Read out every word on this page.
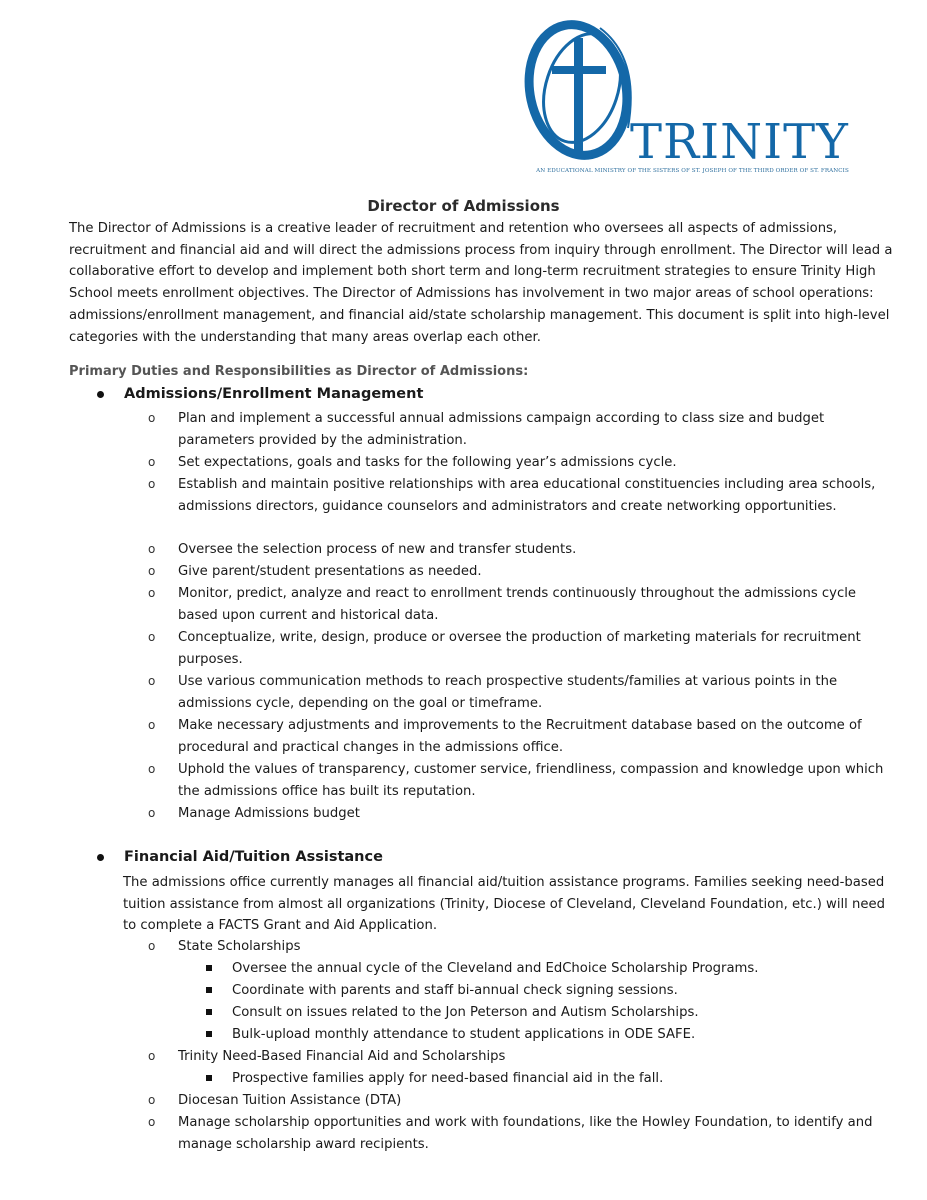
TRINITY
AN EDUCATIONAL MINISTRY OF THE SISTERS OF ST. JOSEPH OF THE THIRD ORDER OF ST. FRANCIS
Director of Admissions

The Director of Admissions is a creative leader of recruitment and retention who oversees all aspects of admissions, recruitment and financial aid and will direct the admissions process from inquiry through enrollment. The Director will lead a collaborative effort to develop and implement both short term and long-term recruitment strategies to ensure Trinity High School meets enrollment objectives. The Director of Admissions has involvement in two major areas of school operations: admissions/enrollment management, and financial aid/state scholarship management. This document is split into high-level categories with the understanding that many areas overlap each other.

Primary Duties and Responsibilities as Director of Admissions:
Admissions/Enrollment Management
o Plan and implement a successful annual admissions campaign according to class size and budget parameters provided by the administration.
o Set expectations, goals and tasks for the following year’s admissions cycle.
o Establish and maintain positive relationships with area educational constituencies including area schools, admissions directors, guidance counselors and administrators and create networking opportunities.
o Oversee the selection process of new and transfer students.
o Give parent/student presentations as needed.
o Monitor, predict, analyze and react to enrollment trends continuously throughout the admissions cycle based upon current and historical data.
o Conceptualize, write, design, produce or oversee the production of marketing materials for recruitment purposes.
o Use various communication methods to reach prospective students/families at various points in the admissions cycle, depending on the goal or timeframe.
o Make necessary adjustments and improvements to the Recruitment database based on the outcome of procedural and practical changes in the admissions office.
o Uphold the values of transparency, customer service, friendliness, compassion and knowledge upon which the admissions office has built its reputation.
o Manage Admissions budget
Financial Aid/Tuition Assistance
The admissions office currently manages all financial aid/tuition assistance programs. Families seeking need-based tuition assistance from almost all organizations (Trinity, Diocese of Cleveland, Cleveland Foundation, etc.) will need to complete a FACTS Grant and Aid Application.
o State Scholarships
Oversee the annual cycle of the Cleveland and EdChoice Scholarship Programs.
Coordinate with parents and staff bi-annual check signing sessions.
Consult on issues related to the Jon Peterson and Autism Scholarships.
Bulk-upload monthly attendance to student applications in ODE SAFE.
o Trinity Need-Based Financial Aid and Scholarships
Prospective families apply for need-based financial aid in the fall.
o Diocesan Tuition Assistance (DTA)
o Manage scholarship opportunities and work with foundations, like the Howley Foundation, to identify and manage scholarship award recipients.
